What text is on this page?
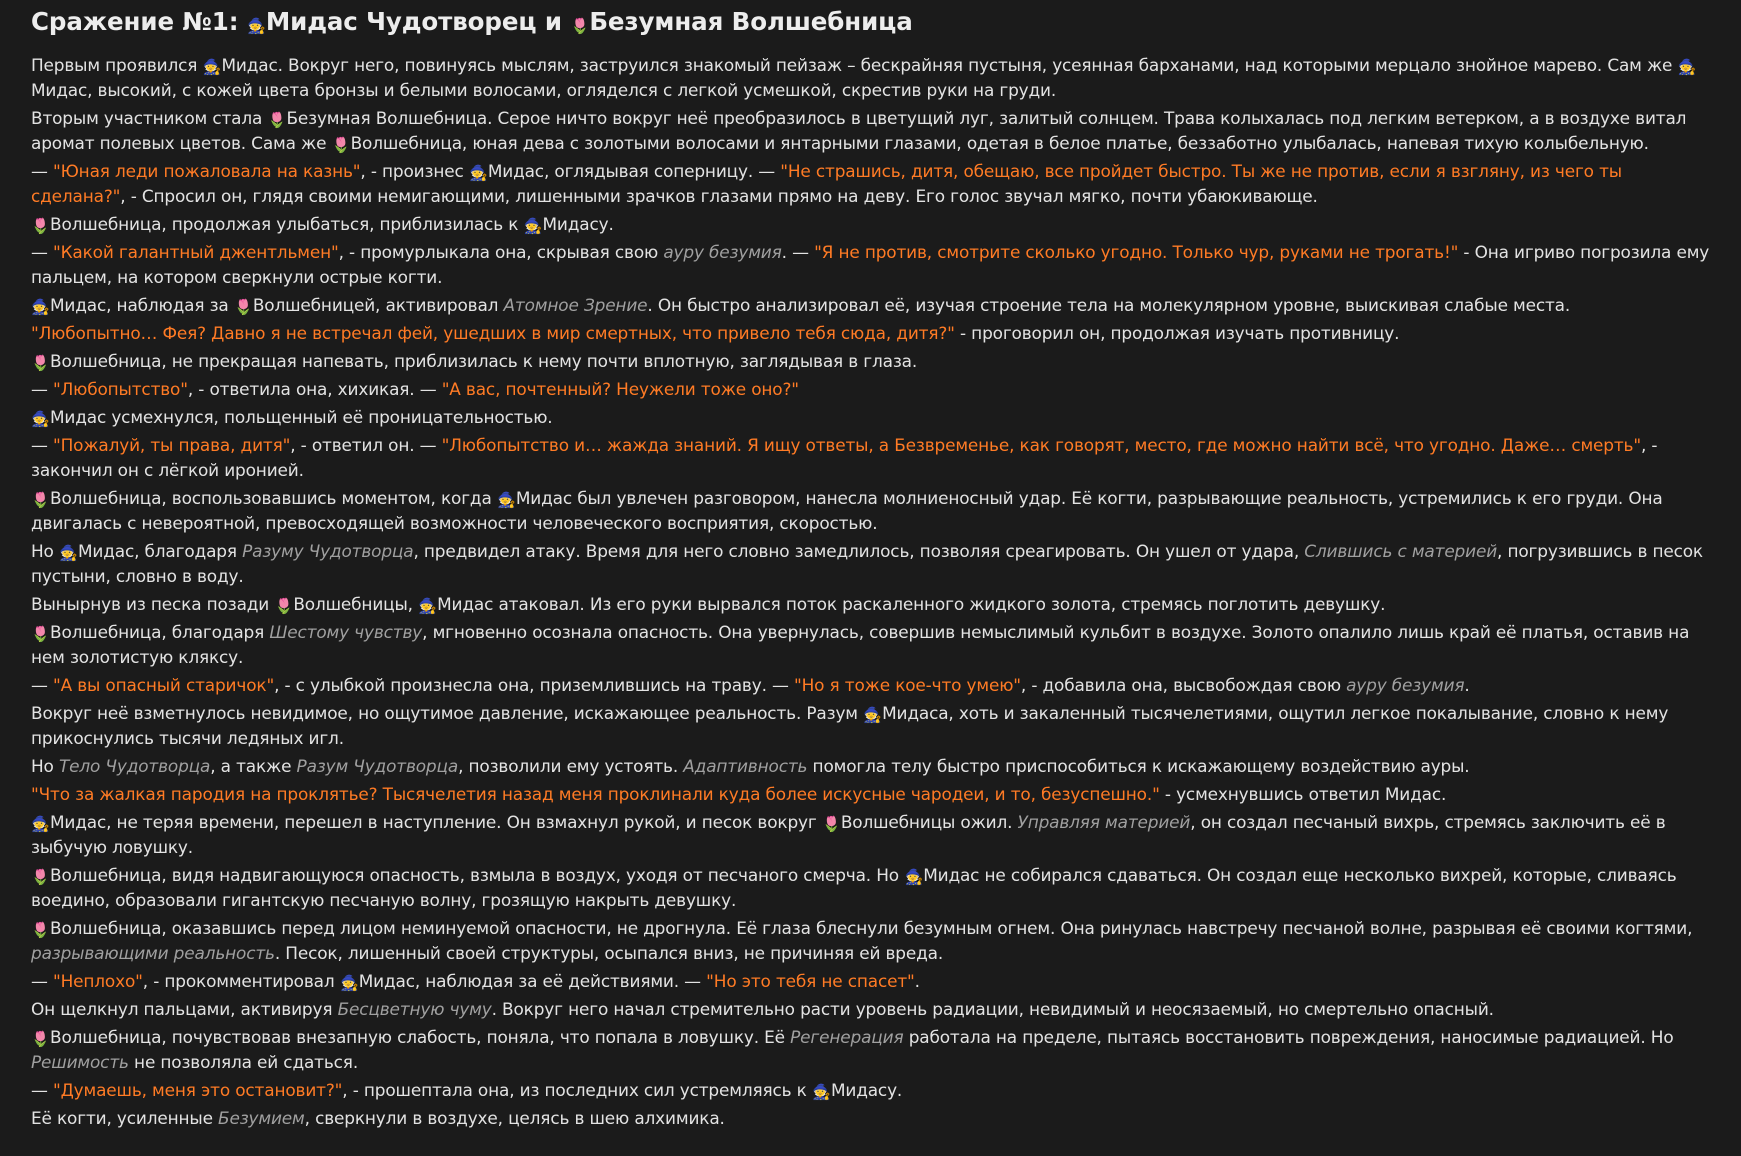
Сражение №1: 🧙Мидас Чудотворец и 🌷Безумная Волшебница
Первым проявился 🧙Мидас. Вокруг него, повинуясь мыслям, заструился знакомый пейзаж – бескрайняя пустыня, усеянная барханами, над которыми мерцало знойное марево. Сам же 🧙Мидас, высокий, с кожей цвета бронзы и белыми волосами, огляделся с легкой усмешкой, скрестив руки на груди.
Вторым участником стала 🌷Безумная Волшебница. Серое ничто вокруг неё преобразилось в цветущий луг, залитый солнцем. Трава колыхалась под легким ветерком, а в воздухе витал аромат полевых цветов. Сама же 🌷Волшебница, юная дева с золотыми волосами и янтарными глазами, одетая в белое платье, беззаботно улыбалась, напевая тихую колыбельную.
— "Юная леди пожаловала на казнь", - произнес 🧙Мидас, оглядывая соперницу. — "Не страшись, дитя, обещаю, все пройдет быстро. Ты же не против, если я взгляну, из чего ты сделана?", - Спросил он, глядя своими немигающими, лишенными зрачков глазами прямо на деву. Его голос звучал мягко, почти убаюкивающе.
🌷Волшебница, продолжая улыбаться, приблизилась к 🧙Мидасу.
— "Какой галантный джентльмен", - промурлыкала она, скрывая свою ауру безумия. — "Я не против, смотрите сколько угодно. Только чур, руками не трогать!" - Она игриво погрозила ему пальцем, на котором сверкнули острые когти.
🧙Мидас, наблюдая за 🌷Волшебницей, активировал Атомное Зрение. Он быстро анализировал её, изучая строение тела на молекулярном уровне, выискивая слабые места.
"Любопытно… Фея? Давно я не встречал фей, ушедших в мир смертных, что привело тебя сюда, дитя?" - проговорил он, продолжая изучать противницу.
🌷Волшебница, не прекращая напевать, приблизилась к нему почти вплотную, заглядывая в глаза.
— "Любопытство", - ответила она, хихикая. — "А вас, почтенный? Неужели тоже оно?"
🧙Мидас усмехнулся, польщенный её проницательностью.
— "Пожалуй, ты права, дитя", - ответил он. — "Любопытство и… жажда знаний. Я ищу ответы, а Безвременье, как говорят, место, где можно найти всё, что угодно. Даже… смерть", - закончил он с лёгкой иронией.
🌷Волшебница, воспользовавшись моментом, когда 🧙Мидас был увлечен разговором, нанесла молниеносный удар. Её когти, разрывающие реальность, устремились к его груди. Она двигалась с невероятной, превосходящей возможности человеческого восприятия, скоростью.
Но 🧙Мидас, благодаря Разуму Чудотворца, предвидел атаку. Время для него словно замедлилось, позволяя среагировать. Он ушел от удара, Слившись с материей, погрузившись в песок пустыни, словно в воду.
Вынырнув из песка позади 🌷Волшебницы, 🧙Мидас атаковал. Из его руки вырвался поток раскаленного жидкого золота, стремясь поглотить девушку.
🌷Волшебница, благодаря Шестому чувству, мгновенно осознала опасность. Она увернулась, совершив немыслимый кульбит в воздухе. Золото опалило лишь край её платья, оставив на нем золотистую кляксу.
— "А вы опасный старичок", - с улыбкой произнесла она, приземлившись на траву. — "Но я тоже кое-что умею", - добавила она, высвобождая свою ауру безумия.
Вокруг неё взметнулось невидимое, но ощутимое давление, искажающее реальность. Разум 🧙Мидаса, хоть и закаленный тысячелетиями, ощутил легкое покалывание, словно к нему прикоснулись тысячи ледяных игл.
Но Тело Чудотворца, а также Разум Чудотворца, позволили ему устоять. Адаптивность помогла телу быстро приспособиться к искажающему воздействию ауры.
"Что за жалкая пародия на проклятье? Тысячелетия назад меня проклинали куда более искусные чародеи, и то, безуспешно." - усмехнувшись ответил Мидас.
🧙Мидас, не теряя времени, перешел в наступление. Он взмахнул рукой, и песок вокруг 🌷Волшебницы ожил. Управляя материей, он создал песчаный вихрь, стремясь заключить её в зыбучую ловушку.
🌷Волшебница, видя надвигающуюся опасность, взмыла в воздух, уходя от песчаного смерча. Но 🧙Мидас не собирался сдаваться. Он создал еще несколько вихрей, которые, сливаясь воедино, образовали гигантскую песчаную волну, грозящую накрыть девушку.
🌷Волшебница, оказавшись перед лицом неминуемой опасности, не дрогнула. Её глаза блеснули безумным огнем. Она ринулась навстречу песчаной волне, разрывая её своими когтями, разрывающими реальность. Песок, лишенный своей структуры, осыпался вниз, не причиняя ей вреда.
— "Неплохо", - прокомментировал 🧙Мидас, наблюдая за её действиями. — "Но это тебя не спасет".
Он щелкнул пальцами, активируя Бесцветную чуму. Вокруг него начал стремительно расти уровень радиации, невидимый и неосязаемый, но смертельно опасный.
🌷Волшебница, почувствовав внезапную слабость, поняла, что попала в ловушку. Её Регенерация работала на пределе, пытаясь восстановить повреждения, наносимые радиацией. Но Решимость не позволяла ей сдаться.
— "Думаешь, меня это остановит?", - прошептала она, из последних сил устремляясь к 🧙Мидасу.
Её когти, усиленные Безумием, сверкнули в воздухе, целясь в шею алхимика.
